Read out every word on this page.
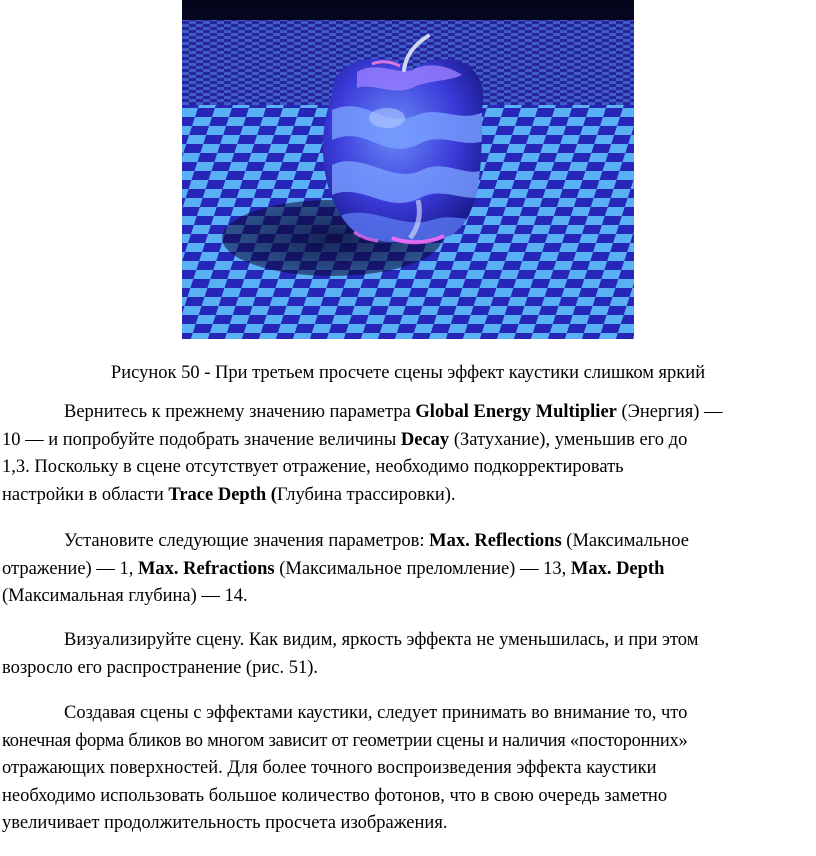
Рисунок 50 - При третьем просчете сцены эффект каустики слишком яркий

Вернитесь к прежнему значению параметра Global Energy Multiplier (Энергия) —
10 — и попробуйте подобрать значение величины Decay (Затухание), уменьшив его до
1,3. Поскольку в сцене отсутствует отражение, необходимо подкорректировать
настройки в области Trace Depth (Глубина трассировки).

Установите следующие значения параметров: Max. Reflections (Максимальное
отражение) — 1, Max. Refractions (Максимальное преломление) — 13, Max. Depth
(Максимальная глубина) — 14.

Визуализируйте сцену. Как видим, яркость эффекта не уменьшилась, и при этом
возросло его распространение (рис. 51).

Создавая сцены с эффектами каустики, следует принимать во внимание то, что
конечная форма бликов во многом зависит от геометрии сцены и наличия «посторонних»
отражающих поверхностей. Для более точного воспроизведения эффекта каустики
необходимо использовать большое количество фотонов, что в свою очередь заметно
увеличивает продолжительность просчета изображения.
